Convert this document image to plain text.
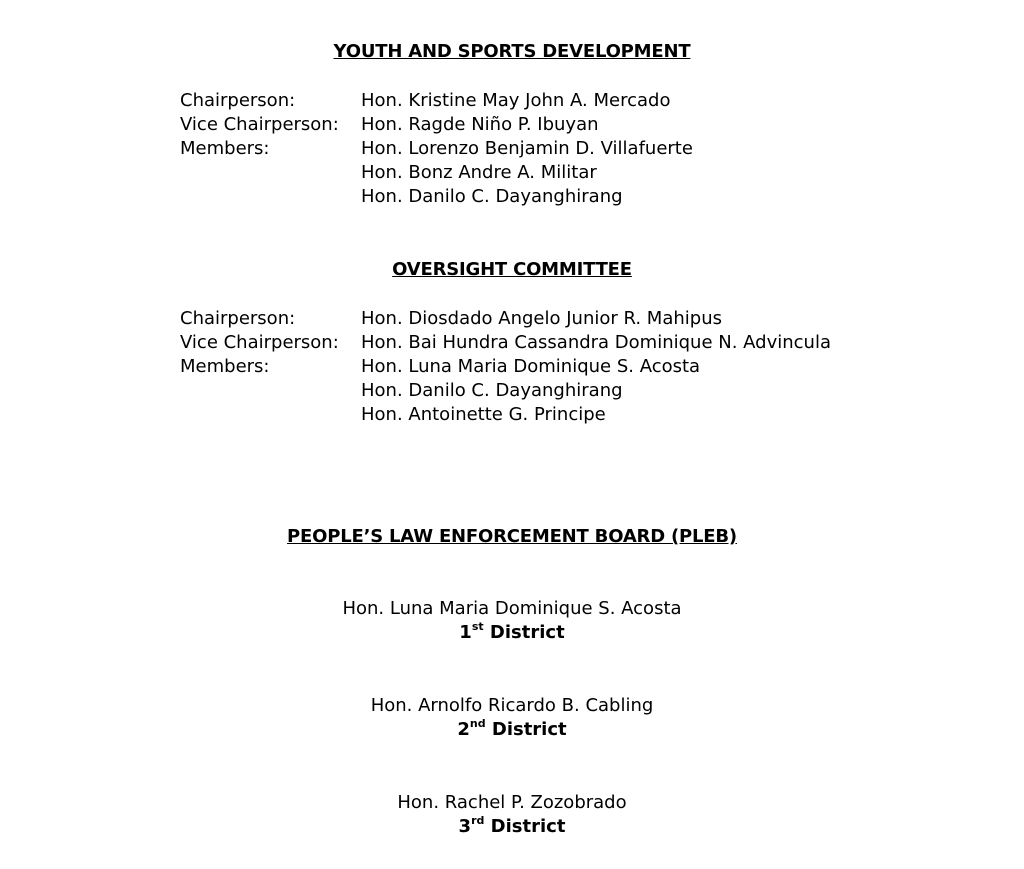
YOUTH AND SPORTS DEVELOPMENT
Chairperson:	Hon. Kristine May John A. Mercado
Vice Chairperson:	Hon. Ragde Niño P. Ibuyan
Members:	Hon. Lorenzo Benjamin D. Villafuerte
Hon. Bonz Andre A. Militar
Hon. Danilo C. Dayanghirang
OVERSIGHT COMMITTEE
Chairperson:	Hon. Diosdado Angelo Junior R. Mahipus
Vice Chairperson:	Hon. Bai Hundra Cassandra Dominique N. Advincula
Members:	Hon. Luna Maria Dominique S. Acosta
Hon. Danilo C. Dayanghirang
Hon. Antoinette G. Principe
PEOPLE’S LAW ENFORCEMENT BOARD (PLEB)
Hon. Luna Maria Dominique S. Acosta
1st District
Hon. Arnolfo Ricardo B. Cabling
2nd District
Hon. Rachel P. Zozobrado
3rd District
